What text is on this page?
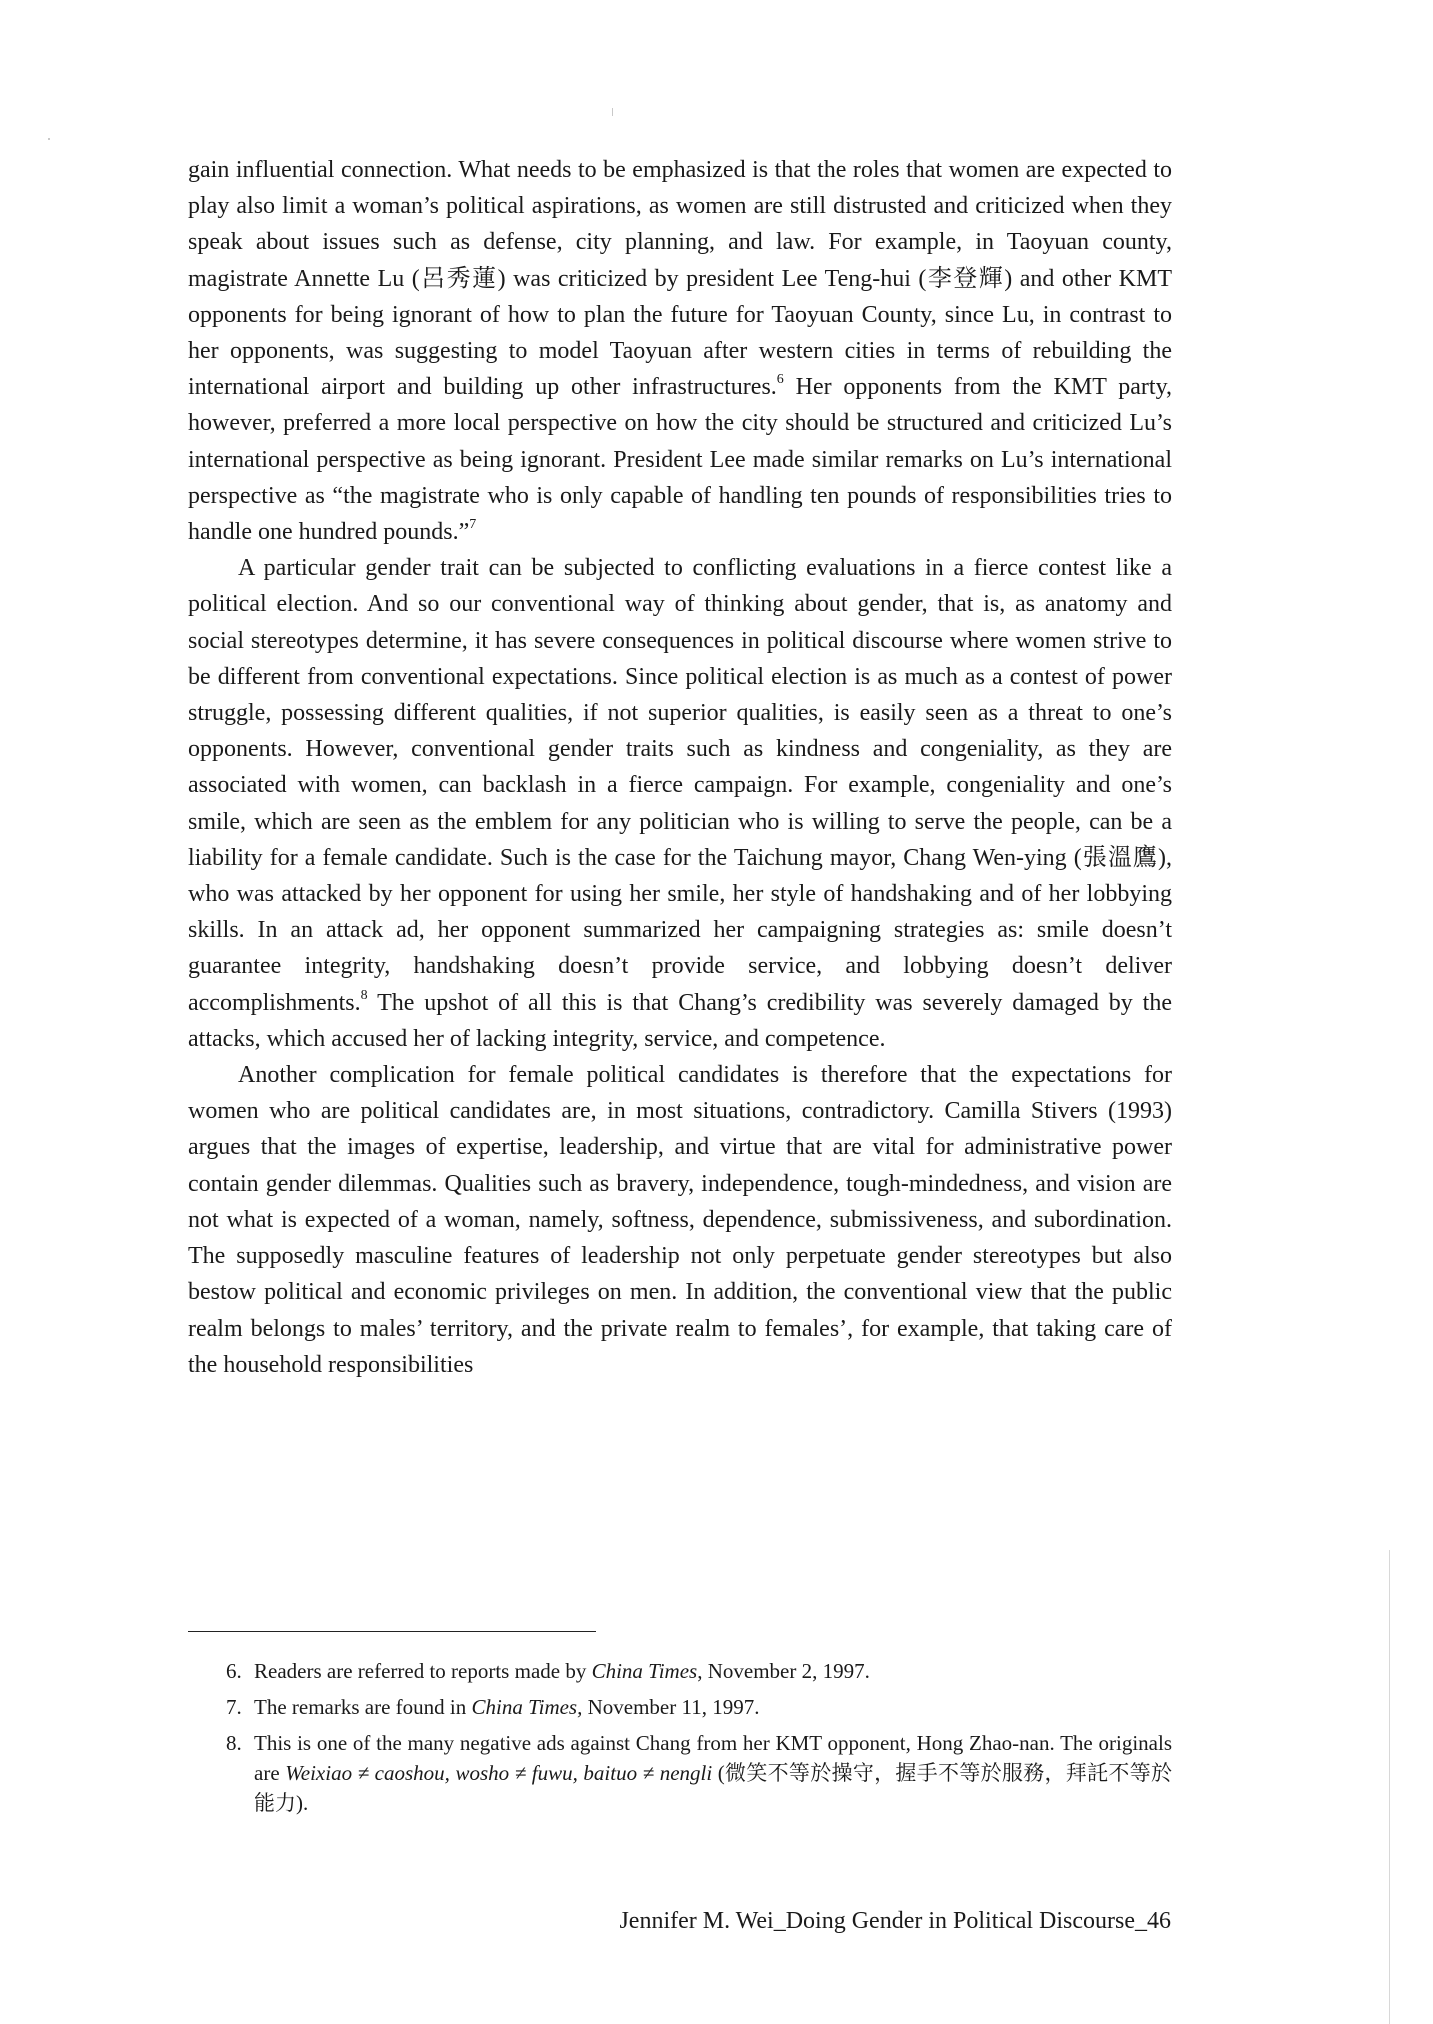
gain influential connection. What needs to be emphasized is that the roles that women are expected to play also limit a woman’s political aspirations, as women are still distrusted and criticized when they speak about issues such as defense, city planning, and law. For example, in Taoyuan county, magistrate Annette Lu (呂秀蓮) was criticized by president Lee Teng-hui (李登輝) and other KMT opponents for being ignorant of how to plan the future for Taoyuan County, since Lu, in contrast to her opponents, was suggesting to model Taoyuan after western cities in terms of rebuilding the international airport and building up other infrastructures.$^6$ Her opponents from the KMT party, however, preferred a more local perspective on how the city should be structured and criticized Lu’s international perspective as being ignorant. President Lee made similar remarks on Lu’s international perspective as “the magistrate who is only capable of handling ten pounds of responsibilities tries to handle one hundred pounds.”$^7$

A particular gender trait can be subjected to conflicting evaluations in a fierce contest like a political election. And so our conventional way of thinking about gender, that is, as anatomy and social stereotypes determine, it has severe consequences in political discourse where women strive to be different from conventional expectations. Since political election is as much as a contest of power struggle, possessing different qualities, if not superior qualities, is easily seen as a threat to one’s opponents. However, conventional gender traits such as kindness and congeniality, as they are associated with women, can backlash in a fierce campaign. For example, congeniality and one’s smile, which are seen as the emblem for any politician who is willing to serve the people, can be a liability for a female candidate. Such is the case for the Taichung mayor, Chang Wen-ying (張溫鷹), who was attacked by her opponent for using her smile, her style of handshaking and of her lobbying skills. In an attack ad, her opponent summarized her campaigning strategies as: smile doesn’t guarantee integrity, handshaking doesn’t provide service, and lobbying doesn’t deliver accomplishments.$^8$ The upshot of all this is that Chang’s credibility was severely damaged by the attacks, which accused her of lacking integrity, service, and competence.

Another complication for female political candidates is therefore that the expectations for women who are political candidates are, in most situations, contradictory. Camilla Stivers (1993) argues that the images of expertise, leadership, and virtue that are vital for administrative power contain gender dilemmas. Qualities such as bravery, independence, tough-mindedness, and vision are not what is expected of a woman, namely, softness, dependence, submissiveness, and subordination. The supposedly masculine features of leadership not only perpetuate gender stereotypes but also bestow political and economic privileges on men. In addition, the conventional view that the public realm belongs to males’ territory, and the private realm to females’, for example, that taking care of the household responsibilities

6. Readers are referred to reports made by China Times, November 2, 1997.
7. The remarks are found in China Times, November 11, 1997.
8. This is one of the many negative ads against Chang from her KMT opponent, Hong Zhao-nan. The originals are Weixiao ≠ caoshou, wosho ≠ fuwu, baituo ≠ nengli (微笑不等於操守，握手不等於服務，拜託不等於能力).
Jennifer M. Wei_Doing Gender in Political Discourse_46
